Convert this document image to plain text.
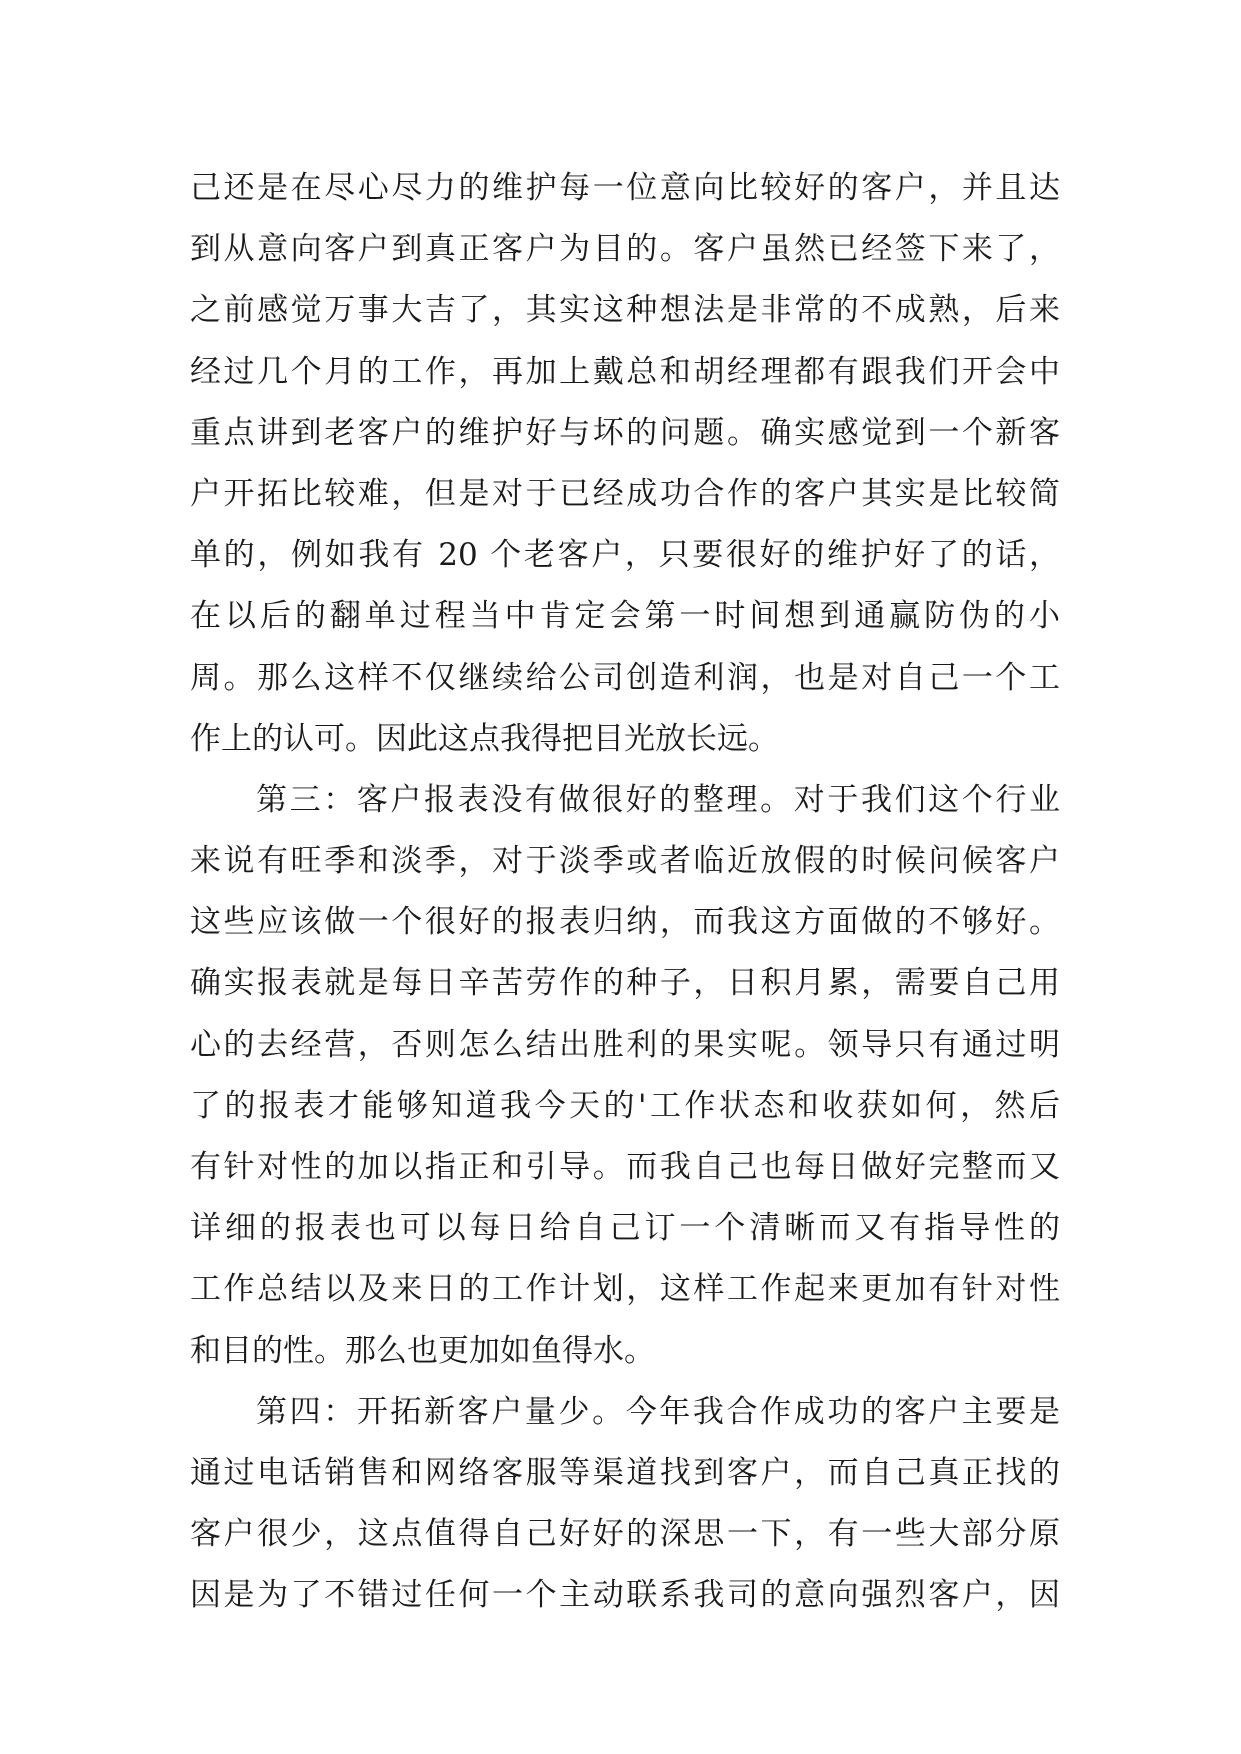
己还是在尽心尽力的维护每一位意向比较好的客户，并且达
到从意向客户到真正客户为目的。客户虽然已经签下来了，
之前感觉万事大吉了，其实这种想法是非常的不成熟，后来
经过几个月的工作，再加上戴总和胡经理都有跟我们开会中
重点讲到老客户的维护好与坏的问题。确实感觉到一个新客
户开拓比较难，但是对于已经成功合作的客户其实是比较简
单的，例如我有 20 个老客户，只要很好的维护好了的话，
在以后的翻单过程当中肯定会第一时间想到通赢防伪的小
周。那么这样不仅继续给公司创造利润，也是对自己一个工
作上的认可。因此这点我得把目光放长远。
第三：客户报表没有做很好的整理。对于我们这个行业
来说有旺季和淡季，对于淡季或者临近放假的时候问候客户
这些应该做一个很好的报表归纳，而我这方面做的不够好。
确实报表就是每日辛苦劳作的种子，日积月累，需要自己用
心的去经营，否则怎么结出胜利的果实呢。领导只有通过明
了的报表才能够知道我今天的'工作状态和收获如何，然后
有针对性的加以指正和引导。而我自己也每日做好完整而又
详细的报表也可以每日给自己订一个清晰而又有指导性的
工作总结以及来日的工作计划，这样工作起来更加有针对性
和目的性。那么也更加如鱼得水。
第四：开拓新客户量少。今年我合作成功的客户主要是
通过电话销售和网络客服等渠道找到客户，而自己真正找的
客户很少，这点值得自己好好的深思一下，有一些大部分原
因是为了不错过任何一个主动联系我司的意向强烈客户，因
